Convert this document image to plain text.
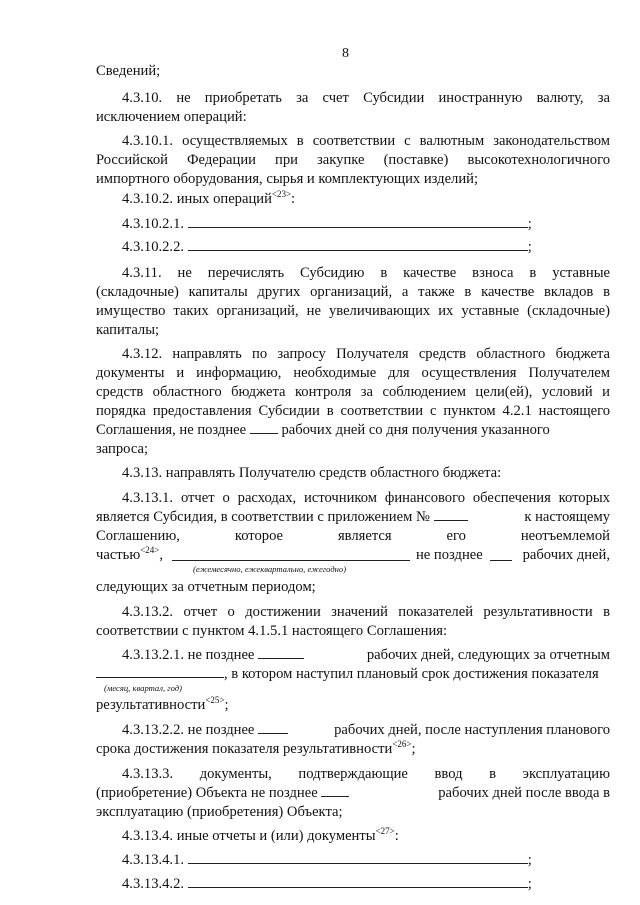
8
Сведений;
4.3.10. не приобретать за счет Субсидии иностранную валюту, за
исключением операций:
4.3.10.1. осуществляемых в соответствии с валютным законодательством
Российской Федерации при закупке (поставке) высокотехнологичного
импортного оборудования, сырья и комплектующих изделий;
4.3.10.2. иных операций$^{<23>}$:
4.3.10.2.1.	;
4.3.10.2.2.	;
4.3.11. не перечислять Субсидию в качестве взноса в уставные
(складочные) капиталы других организаций, а также в качестве вкладов в
имущество таких организаций, не увеличивающих их уставные (складочные)
капиталы;
4.3.12. направлять по запросу Получателя средств областного бюджета
документы и информацию, необходимые для осуществления Получателем
средств областного бюджета контроля за соблюдением цели(ей), условий и
порядка предоставления Субсидии в соответствии с пунктом 4.2.1 настоящего
Соглашения, не позднее рабочих дней со дня получения указанного
запроса;
4.3.13. направлять Получателю средств областного бюджета:
4.3.13.1. отчет о расходах, источником финансового обеспечения которых
является Субсидия, в соответствии с приложением №	к настоящему
Соглашению, которое является его неотъемлемой
частью$^{<24>}$,	не позднее	рабочих дней,
(ежемесячно, ежеквартально, ежегодно)
следующих за отчетным периодом;
4.3.13.2. отчет о достижении значений показателей результативности в
соответствии с пунктом 4.1.5.1 настоящего Соглашения:
4.3.13.2.1. не позднее	рабочих дней, следующих за отчетным
, в котором наступил плановый срок достижения показателя
(месяц, квартал, год)
результативности$^{<25>}$;
4.3.13.2.2. не позднее	рабочих дней, после наступления планового
срока достижения показателя результативности$^{<26>}$;
4.3.13.3. документы, подтверждающие ввод в эксплуатацию
(приобретение) Объекта не позднее	рабочих дней после ввода в
эксплуатацию (приобретения) Объекта;
4.3.13.4. иные отчеты и (или) документы$^{<27>}$:
4.3.13.4.1.	;
4.3.13.4.2.	;
